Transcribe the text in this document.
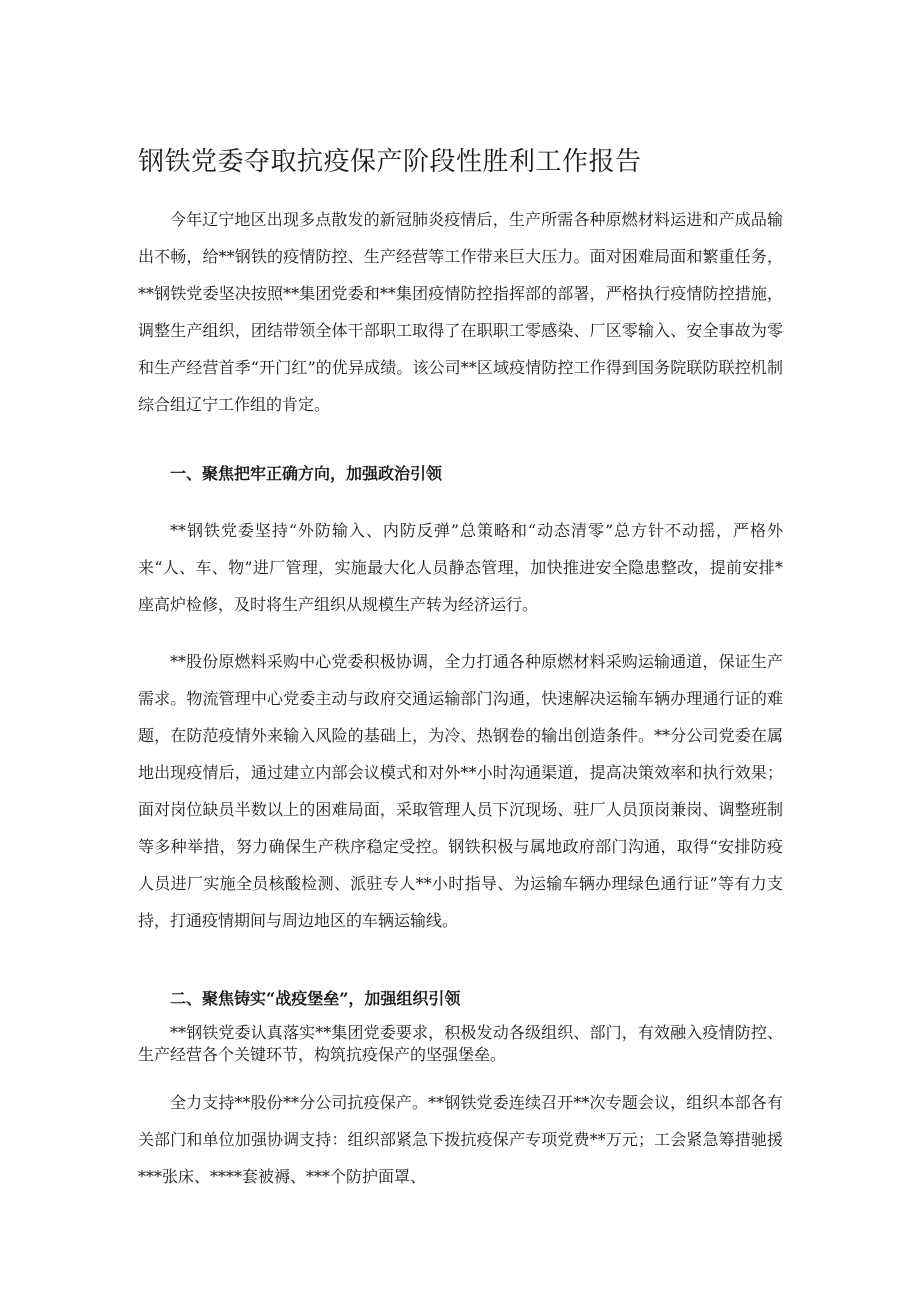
钢铁党委夺取抗疫保产阶段性胜利工作报告

今年辽宁地区出现多点散发的新冠肺炎疫情后，生产所需各种原燃材料运进和产成品输出不畅，给**钢铁的疫情防控、生产经营等工作带来巨大压力。面对困难局面和繁重任务，**钢铁党委坚决按照**集团党委和**集团疫情防控指挥部的部署，严格执行疫情防控措施，调整生产组织，团结带领全体干部职工取得了在职职工零感染、厂区零输入、安全事故为零和生产经营首季“开门红”的优异成绩。该公司**区域疫情防控工作得到国务院联防联控机制综合组辽宁工作组的肯定。

一、聚焦把牢正确方向，加强政治引领

**钢铁党委坚持“外防输入、内防反弹”总策略和“动态清零”总方针不动摇，严格外来“人、车、物”进厂管理，实施最大化人员静态管理，加快推进安全隐患整改，提前安排*座高炉检修，及时将生产组织从规模生产转为经济运行。

**股份原燃料采购中心党委积极协调，全力打通各种原燃材料采购运输通道，保证生产需求。物流管理中心党委主动与政府交通运输部门沟通，快速解决运输车辆办理通行证的难题，在防范疫情外来输入风险的基础上，为冷、热钢卷的输出创造条件。**分公司党委在属地出现疫情后，通过建立内部会议模式和对外**小时沟通渠道，提高决策效率和执行效果；面对岗位缺员半数以上的困难局面，采取管理人员下沉现场、驻厂人员顶岗兼岗、调整班制等多种举措，努力确保生产秩序稳定受控。钢铁积极与属地政府部门沟通，取得“安排防疫人员进厂实施全员核酸检测、派驻专人**小时指导、为运输车辆办理绿色通行证”等有力支持，打通疫情期间与周边地区的车辆运输线。

二、聚焦铸实“战疫堡垒”，加强组织引领

**钢铁党委认真落实**集团党委要求，积极发动各级组织、部门，有效融入疫情防控、生产经营各个关键环节，构筑抗疫保产的坚强堡垒。

全力支持**股份**分公司抗疫保产。**钢铁党委连续召开**次专题会议，组织本部各有关部门和单位加强协调支持：组织部紧急下拨抗疫保产专项党费**万元；工会紧急筹措驰援***张床、****套被褥、***个防护面罩、
